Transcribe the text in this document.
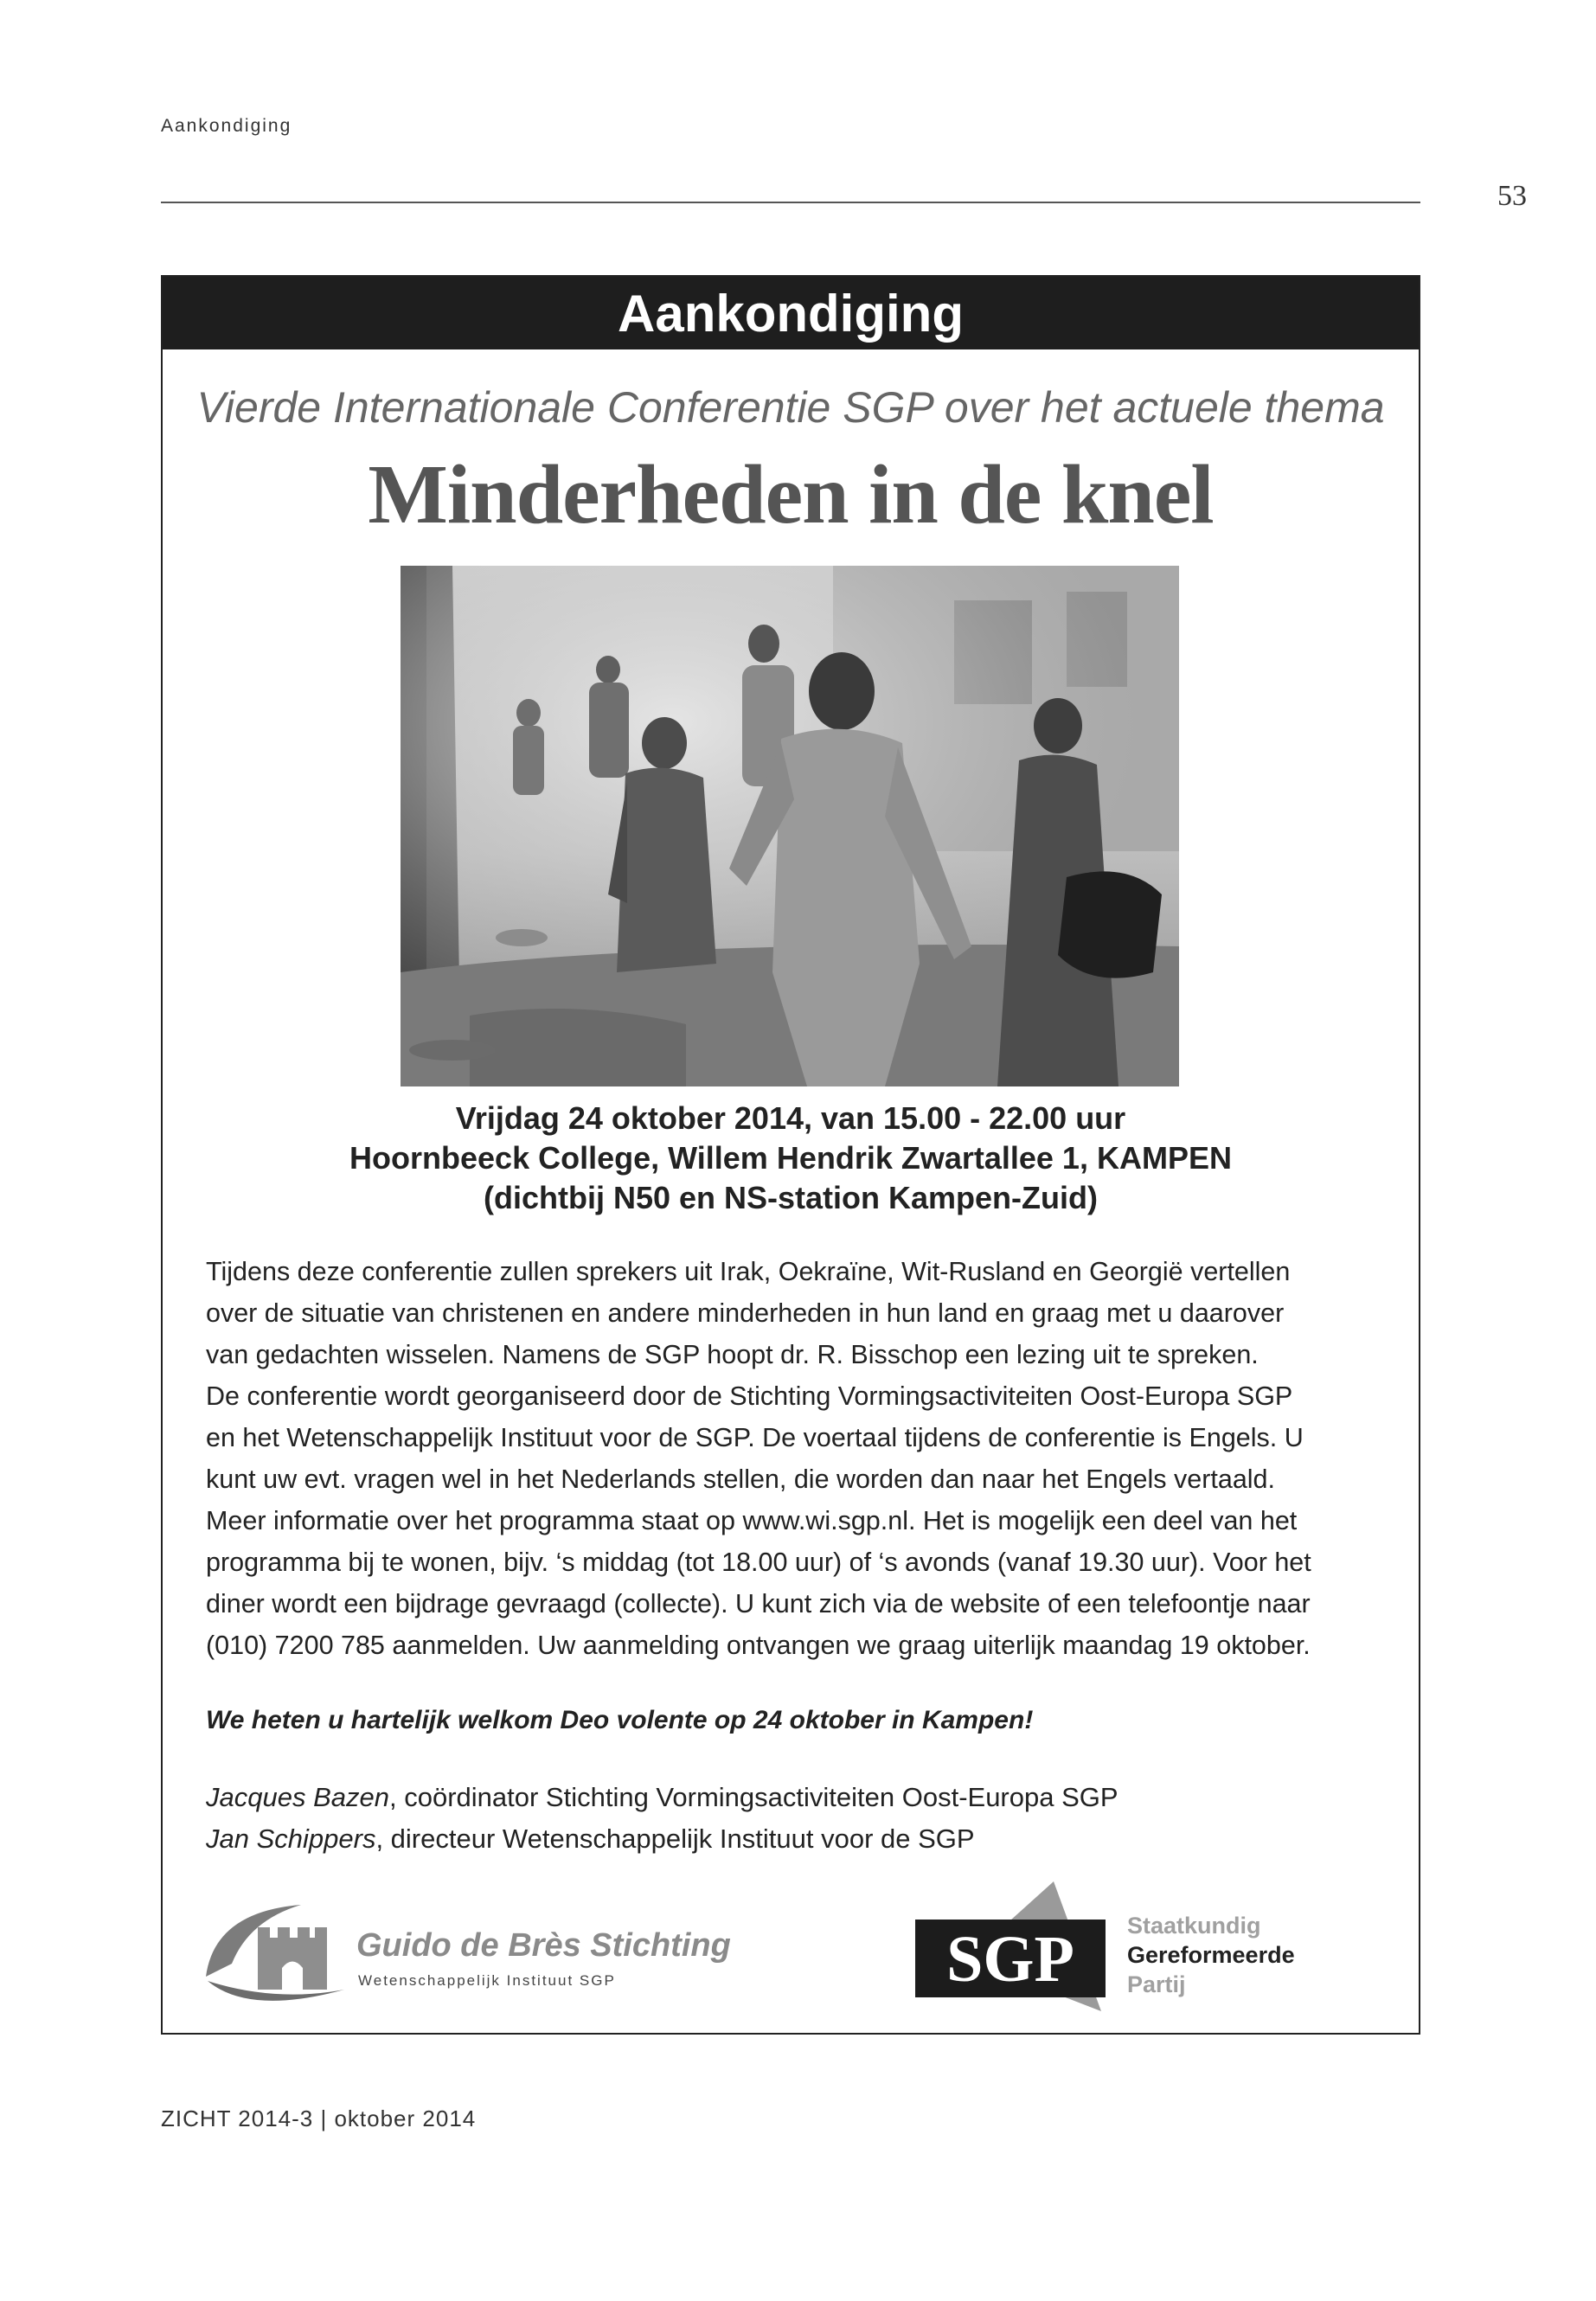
Aankondiging
53
Aankondiging
Vierde Internationale Conferentie SGP over het actuele thema
Minderheden in de knel
Vrijdag 24 oktober 2014, van 15.00 - 22.00 uur
Hoornbeeck College, Willem Hendrik Zwartallee 1, KAMPEN
(dichtbij N50 en NS-station Kampen-Zuid)
Tijdens deze conferentie zullen sprekers uit Irak, Oekraïne, Wit-Rusland en Georgië vertellen
over de situatie van christenen en andere minderheden in hun land en graag met u daarover
van gedachten wisselen. Namens de SGP hoopt dr. R. Bisschop een lezing uit te spreken.
De conferentie wordt georganiseerd door de Stichting Vormingsactiviteiten Oost-Europa SGP
en het Wetenschappelijk Instituut voor de SGP. De voertaal tijdens de conferentie is Engels. U
kunt uw evt. vragen wel in het Nederlands stellen, die worden dan naar het Engels vertaald.
Meer informatie over het programma staat op www.wi.sgp.nl. Het is mogelijk een deel van het
programma bij te wonen, bijv. ‘s middag (tot 18.00 uur) of ‘s avonds (vanaf 19.30 uur). Voor het
diner wordt een bijdrage gevraagd (collecte). U kunt zich via de website of een telefoontje naar
(010) 7200 785 aanmelden. Uw aanmelding ontvangen we graag uiterlijk maandag 19 oktober.
We heten u hartelijk welkom Deo volente op 24 oktober in Kampen!
Jacques Bazen, coördinator Stichting Vormingsactiviteiten Oost-Europa SGP
Jan Schippers, directeur Wetenschappelijk Instituut voor de SGP
Guido de Brès Stichting
Wetenschappelijk Instituut SGP	SGP Staatkundig
Gereformeerde
Partij
ZICHT 2014-3 | oktober 2014
